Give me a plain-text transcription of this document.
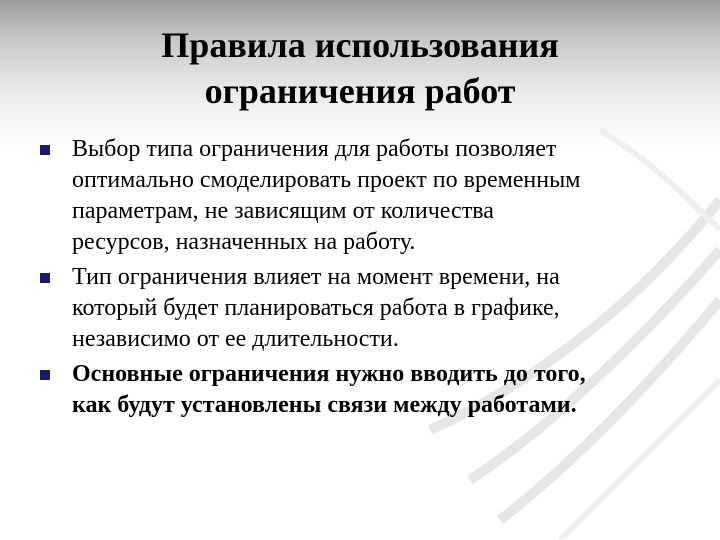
Правила использования
ограничения работ
Выбор типа ограничения для работы позволяет
оптимально смоделировать проект по временным
параметрам, не зависящим от количества
ресурсов, назначенных на работу.
Тип ограничения влияет на момент времени, на
который будет планироваться работа в графике,
независимо от ее длительности.
Основные ограничения нужно вводить до того,
как будут установлены связи между работами.
